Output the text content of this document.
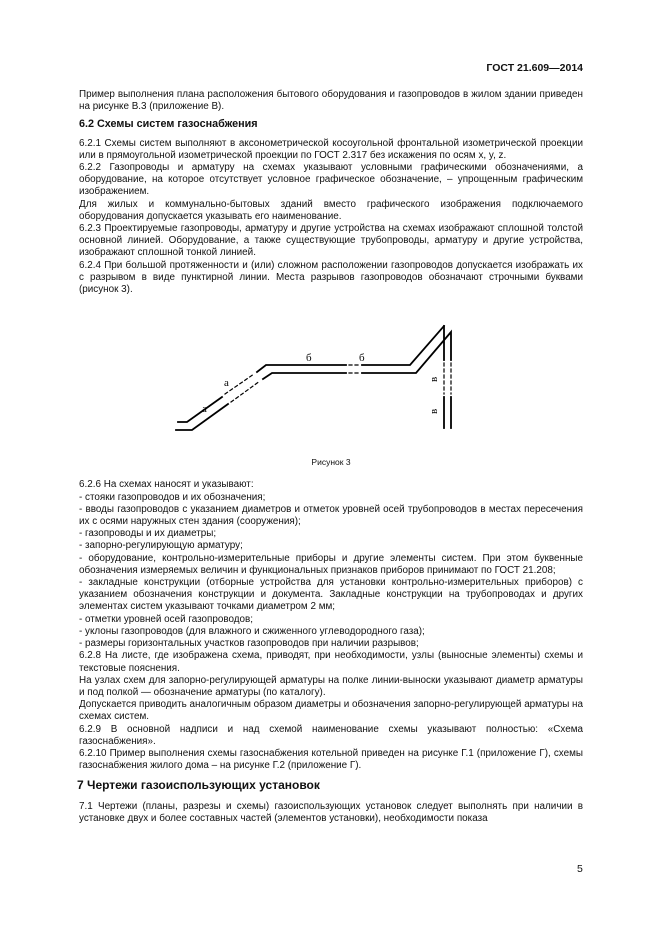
ГОСТ 21.609—2014

Пример выполнения плана расположения бытового оборудования и газопроводов в жилом здании приведен на рисунке В.3 (приложение В).

6.2 Схемы систем газоснабжения

6.2.1 Схемы систем выполняют в аксонометрической косоугольной фронтальной изометрической проекции или в прямоугольной изометрической проекции по ГОСТ 2.317 без искажения по осям x, y, z.

6.2.2 Газопроводы и арматуру на схемах указывают условными графическими обозначениями, а оборудование, на которое отсутствует условное графическое обозначение, – упрощенным графическим изображением.

Для жилых и коммунально-бытовых зданий вместо графического изображения подключаемого оборудования допускается указывать его наименование.

6.2.3 Проектируемые газопроводы, арматуру и другие устройства на схемах изображают сплошной толстой основной линией. Оборудование, а также существующие трубопроводы, арматуру и другие устройства, изображают сплошной тонкой линией.

6.2.4 При большой протяженности и (или) сложном расположении газопроводов допускается изображать их с разрывом в виде пунктирной линии. Места разрывов газопроводов обозначают строчными буквами (рисунок 3).

а
а
б	б
в
в

Рисунок 3

6.2.6 На схемах наносят и указывают:

- стояки газопроводов и их обозначения;

- вводы газопроводов с указанием диаметров и отметок уровней осей трубопроводов в местах пересечения их с осями наружных стен здания (сооружения);

- газопроводы и их диаметры;

- запорно-регулирующую арматуру;

- оборудование, контрольно-измерительные приборы и другие элементы систем. При этом буквенные обозначения измеряемых величин и функциональных признаков приборов принимают по ГОСТ 21.208;

- закладные конструкции (отборные устройства для установки контрольно-измерительных приборов) с указанием обозначения конструкции и документа. Закладные конструкции на трубопроводах и других элементах систем указывают точками диаметром 2 мм;

- отметки уровней осей газопроводов;

- уклоны газопроводов (для влажного и сжиженного углеводородного газа);

- размеры горизонтальных участков газопроводов при наличии разрывов;

6.2.8 На листе, где изображена схема, приводят, при необходимости, узлы (выносные элементы) схемы и текстовые пояснения.

На узлах схем для запорно-регулирующей арматуры на полке линии-выноски указывают диаметр арматуры и под полкой — обозначение арматуры (по каталогу).

Допускается приводить аналогичным образом диаметры и обозначения запорно-регулирующей арматуры на схемах систем.

6.2.9 В основной надписи и над схемой наименование схемы указывают полностью: «Схема газоснабжения».

6.2.10 Пример выполнения схемы газоснабжения котельной приведен на рисунке Г.1 (приложение Г), схемы газоснабжения жилого дома – на рисунке Г.2 (приложение Г).

7 Чертежи газоиспользующих установок

7.1 Чертежи (планы, разрезы и схемы) газоиспользующих установок следует выполнять при наличии в установке двух и более составных частей (элементов установки), необходимости показа

5
